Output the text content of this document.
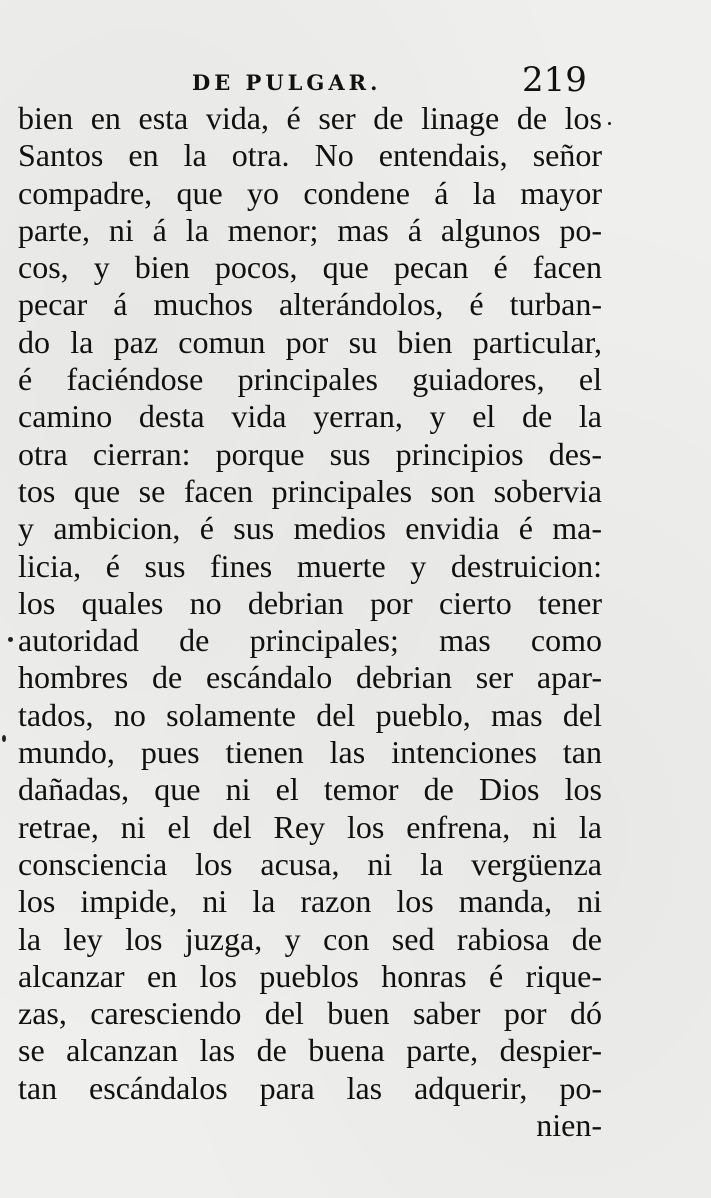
DE PULGAR.	219
bien en esta vida, é ser de linage de los
Santos en la otra. No entendais, señor
compadre, que yo condene á la mayor
parte, ni á la menor; mas á algunos po-
cos, y bien pocos, que pecan é facen
pecar á muchos alterándolos, é turban-
do la paz comun por su bien particular,
é faciéndose principales guiadores, el
camino desta vida yerran, y el de la
otra cierran: porque sus principios des-
tos que se facen principales son sobervia
y ambicion, é sus medios envidia é ma-
licia, é sus fines muerte y destruicion:
los quales no debrian por cierto tener
autoridad de principales; mas como
hombres de escándalo debrian ser apar-
tados, no solamente del pueblo, mas del
mundo, pues tienen las intenciones tan
dañadas, que ni el temor de Dios los
retrae, ni el del Rey los enfrena, ni la
consciencia los acusa, ni la vergüenza
los impide, ni la razon los manda, ni
la ley los juzga, y con sed rabiosa de
alcanzar en los pueblos honras é rique-
zas, caresciendo del buen saber por dó
se alcanzan las de buena parte, despier-
tan escándalos para las adquerir, po-
nien-
